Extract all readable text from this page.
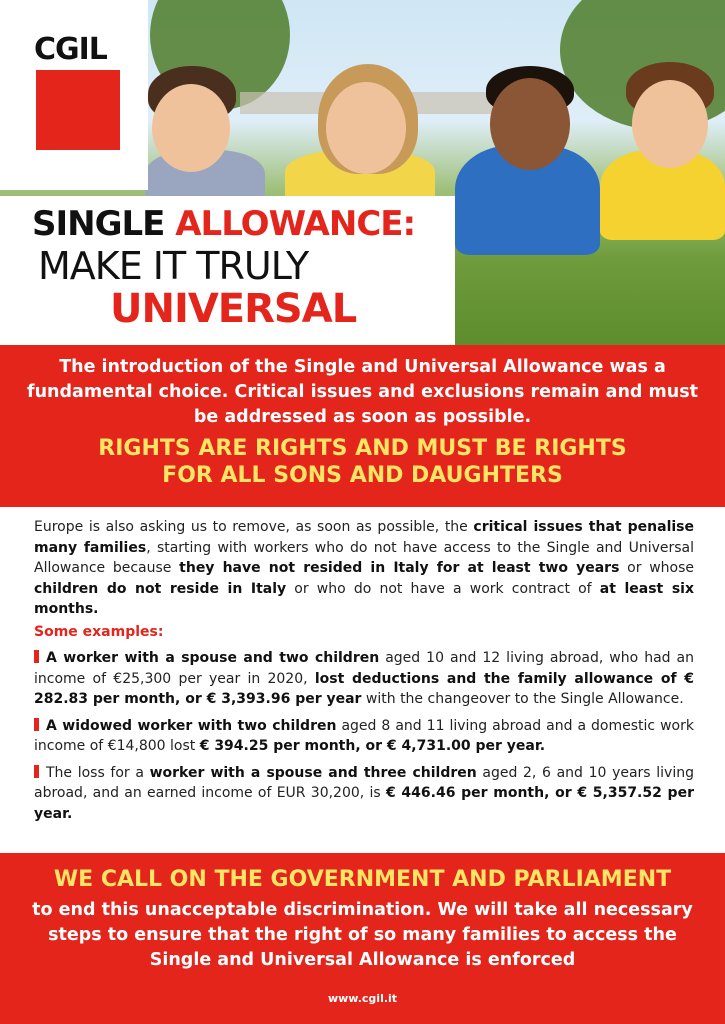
CGIL
SINGLE ALLOWANCE:
MAKE IT TRULY
UNIVERSAL
The introduction of the Single and Universal Allowance was a fundamental choice. Critical issues and exclusions remain and must be addressed as soon as possible.
RIGHTS ARE RIGHTS AND MUST BE RIGHTS
FOR ALL SONS AND DAUGHTERS

Europe is also asking us to remove, as soon as possible, the critical issues that penalise many families, starting with workers who do not have access to the Single and Universal Allowance because they have not resided in Italy for at least two years or whose children do not reside in Italy or who do not have a work contract of at least six months.

Some examples:

A worker with a spouse and two children aged 10 and 12 living abroad, who had an income of €25,300 per year in 2020, lost deductions and the family allowance of € 282.83 per month, or € 3,393.96 per year with the changeover to the Single Allowance.

A widowed worker with two children aged 8 and 11 living abroad and a domestic work income of €14,800 lost € 394.25 per month, or € 4,731.00 per year.

The loss for a worker with a spouse and three children aged 2, 6 and 10 years living abroad, and an earned income of EUR 30,200, is € 446.46 per month, or € 5,357.52 per year.

WE CALL ON THE GOVERNMENT AND PARLIAMENT
to end this unacceptable discrimination. We will take all necessary steps to ensure that the right of so many families to access the Single and Universal Allowance is enforced
www.cgil.it
